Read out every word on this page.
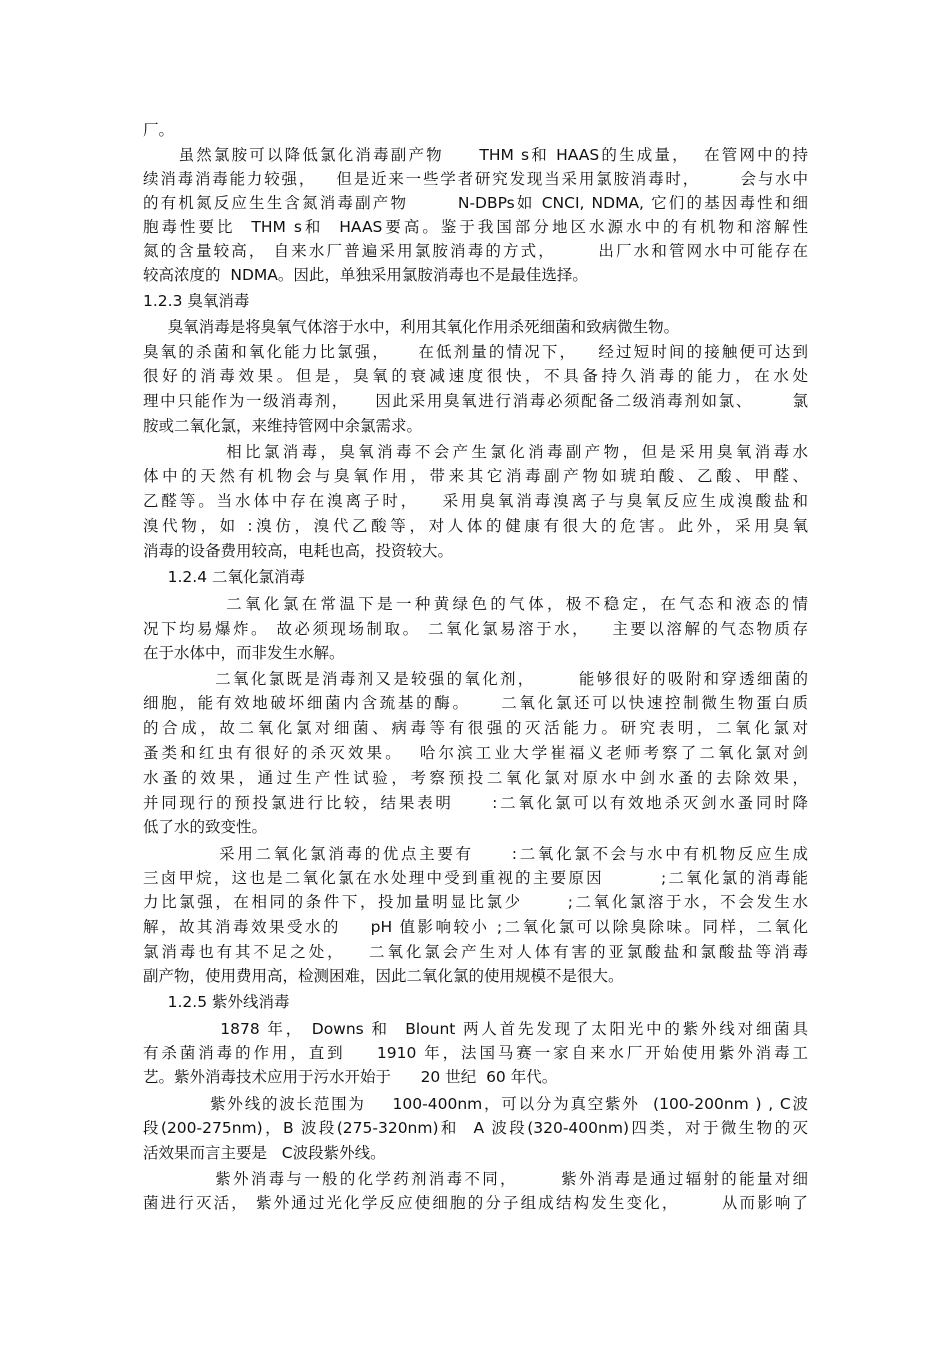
厂。
虽然氯胺可以降低氯化消毒副产物     THM s和 HAAS的生成量，  在管网中的持
续消毒消毒能力较强，   但是近来一些学者研究发现当采用氯胺消毒时，      会与水中
的有机氮反应生生含氮消毒副产物       N-DBPs如 CNCI, NDMA, 它们的基因毒性和细
胞毒性要比  THM s和  HAAS要高。鉴于我国部分地区水源水中的有机物和溶解性
氮的含量较高， 自来水厂普遍采用氯胺消毒的方式，      出厂水和管网水中可能存在
较高浓度的  NDMA。因此，单独采用氯胺消毒也不是最佳选择。
1.2.3 臭氧消毒
臭氧消毒是将臭氧气体溶于水中，利用其氧化作用杀死细菌和致病微生物。
臭氧的杀菌和氧化能力比氯强，    在低剂量的情况下，   经过短时间的接触便可达到
很好的消毒效果。但是，臭氧的衰减速度很快，不具备持久消毒的能力，在水处
理中只能作为一级消毒剂，    因此采用臭氧进行消毒必须配备二级消毒剂如氯、      氯
胺或二氧化氯，来维持管网中余氯需求。
相比氯消毒，臭氧消毒不会产生氯化消毒副产物，但是采用臭氧消毒水
体中的天然有机物会与臭氧作用，带来其它消毒副产物如琥珀酸、乙酸、甲醛、
乙醛等。当水体中存在溴离子时，   采用臭氧消毒溴离子与臭氧反应生成溴酸盐和
溴代物，如 :溴仿，溴代乙酸等，对人体的健康有很大的危害。此外，采用臭氧
消毒的设备费用较高，电耗也高，投资较大。
1.2.4 二氧化氯消毒
二氧化氯在常温下是一种黄绿色的气体，极不稳定，在气态和液态的情
况下均易爆炸。 故必须现场制取。 二氧化氯易溶于水，   主要以溶解的气态物质存
在于水体中，而非发生水解。
二氧化氯既是消毒剂又是较强的氧化剂，      能够很好的吸附和穿透细菌的
细胞，能有效地破坏细菌内含巯基的酶。    二氧化氯还可以快速控制微生物蛋白质
的合成，故二氧化氯对细菌、病毒等有很强的灭活能力。研究表明，二氧化氯对
蚤类和红虫有很好的杀灭效果。  哈尔滨工业大学崔福义老师考察了二氧化氯对剑
水蚤的效果，通过生产性试验，考察预投二氧化氯对原水中剑水蚤的去除效果，
并同现行的预投氯进行比较，结果表明     :二氧化氯可以有效地杀灭剑水蚤同时降
低了水的致变性。
采用二氧化氯消毒的优点主要有     :二氧化氯不会与水中有机物反应生成
三卤甲烷，这也是二氧化氯在水处理中受到重视的主要原因        ;二氧化氯的消毒能
力比氯强，在相同的条件下，投加量明显比氯少      ;二氧化氯溶于水，不会发生水
解，故其消毒效果受水的    pH 值影响较小 ;二氧化氯可以除臭除味。同样，二氧化
氯消毒也有其不足之处，   二氧化氯会产生对人体有害的亚氯酸盐和氯酸盐等消毒
副产物，使用费用高，检测困难，因此二氧化氯的使用规模不是很大。
1.2.5 紫外线消毒
1878 年， Downs 和  Blount 两人首先发现了太阳光中的紫外线对细菌具
有杀菌消毒的作用，直到    1910 年，法国马赛一家自来水厂开始使用紫外消毒工
艺。紫外消毒技术应用于污水开始于      20 世纪  60 年代。
紫外线的波长范围为    100-400nm，可以分为真空紫外  (100-200nm ) , C波
段(200-275nm)，B 波段(275-320nm)和  A 波段(320-400nm)四类，对于微生物的灭
活效果而言主要是   C波段紫外线。
紫外消毒与一般的化学药剂消毒不同，      紫外消毒是通过辐射的能量对细
菌进行灭活， 紫外通过光化学反应使细胞的分子组成结构发生变化，      从而影响了
